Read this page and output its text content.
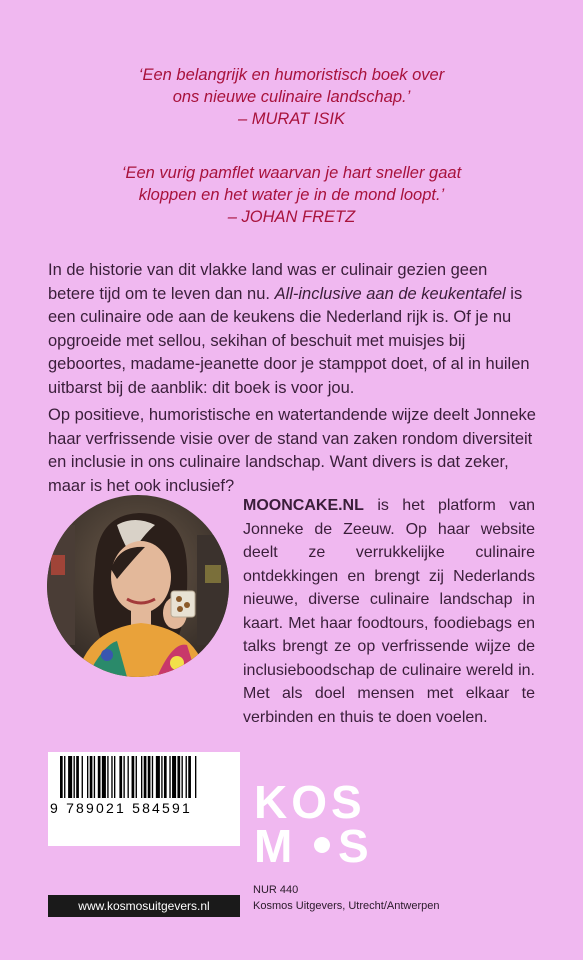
‘Een belangrijk en humoristisch boek over
ons nieuwe culinaire landschap.’
– MURAT ISIK
‘Een vurig pamflet waarvan je hart sneller gaat
kloppen en het water je in de mond loopt.’
– JOHAN FRETZ

In de historie van dit vlakke land was er culinair gezien geen betere tijd om te leven dan nu. All-inclusive aan de keukentafel is een culinaire ode aan de keukens die Nederland rijk is. Of je nu opgroeide met sellou, sekihan of beschuit met muisjes bij geboortes, madame-jeanette door je stamppot doet, of al in huilen uitbarst bij de aanblik: dit boek is voor jou.

Op positieve, humoristische en watertandende wijze deelt Jonneke haar verfrissende visie over de stand van zaken rondom diversiteit en inclusie in ons culinaire landschap. Want divers is dat zeker, maar is het ook inclusief?

MOONCAKE.NL is het platform van Jonneke de Zeeuw. Op haar website deelt ze verrukkelijke culinaire ontdekkingen en brengt zij Nederlands nieuwe, diverse culinaire landschap in kaart. Met haar foodtours, foodiebags en talks brengt ze op verfrissende wijze de inclusieboodschap de culinaire wereld in. Met als doel mensen met elkaar te verbinden en thuis te doen voelen.

9 789021 584591
www.kosmosuitgevers.nl
KOS
M S
NUR 440
Kosmos Uitgevers, Utrecht/Antwerpen
